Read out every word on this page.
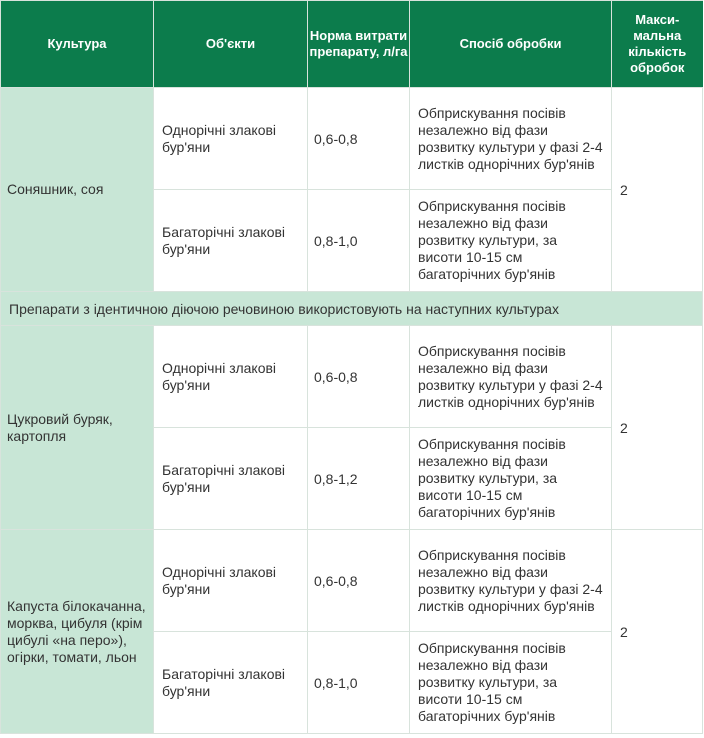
Культура	Об'єкти	Норма витрати препарату, л/га	Спосіб обробки	Макси-мальна кількість обробок
Соняшник, соя	Однорічні злакові бур'яни	0,6-0,8	Обприскування посівів незалежно від фази розвитку культури у фазі 2-4 листків однорічних бур'янів	2
	Багаторічні злакові бур'яни	0,8-1,0	Обприскування посівів незалежно від фази розвитку культури, за висоти 10-15 см багаторічних бур'янів	
Препарати з ідентичною діючою речовиною використовують на наступних культурах				
Цукровий буряк, картопля	Однорічні злакові бур'яни	0,6-0,8	Обприскування посівів незалежно від фази розвитку культури у фазі 2-4 листків однорічних бур'янів	2
	Багаторічні злакові бур'яни	0,8-1,2	Обприскування посівів незалежно від фази розвитку культури, за висоти 10-15 см багаторічних бур'янів	
Капуста білокачанна, морква, цибуля (крім цибулі «на перо»), огірки, томати, льон	Однорічні злакові бур'яни	0,6-0,8	Обприскування посівів незалежно від фази розвитку культури у фазі 2-4 листків однорічних бур'янів	2
	Багаторічні злакові бур'яни	0,8-1,0	Обприскування посівів незалежно від фази розвитку культури, за висоти 10-15 см багаторічних бур'янів	
